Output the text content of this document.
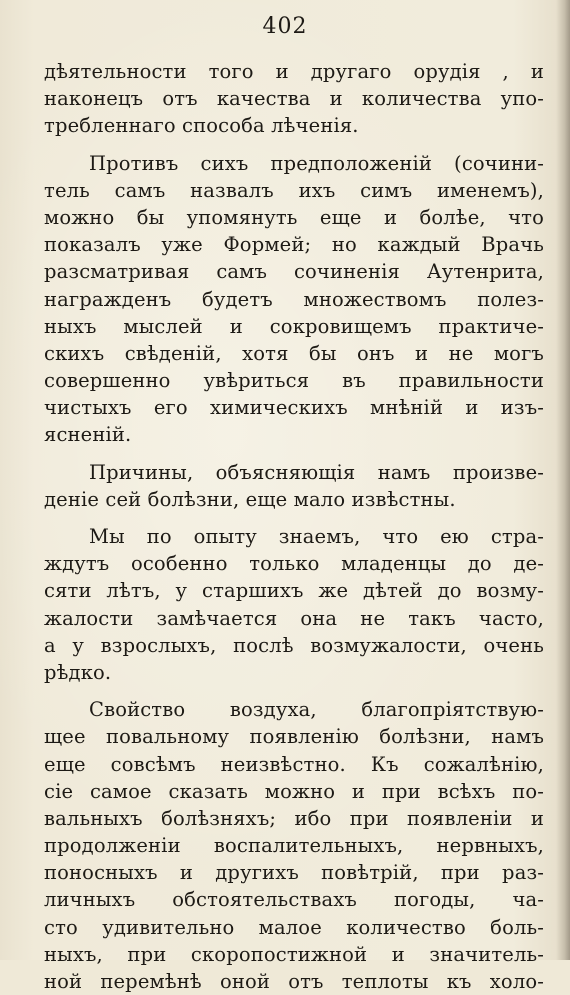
402
дѣятельности того и другаго орудія , и
наконецъ отъ качества и количества упо-
требленнаго способа лѣченія.
Противъ сихъ предположеній (сочини-
тель самъ назвалъ ихъ симъ именемъ),
можно бы упомянуть еще и болѣе, что
показалъ уже Формей; но каждый Врачь
разсматривая самъ сочиненія Аутенрита,
награжденъ будетъ множествомъ полез-
ныхъ мыслей и сокровищемъ практиче-
скихъ свѣденій, хотя бы онъ и не могъ
совершенно увѣриться въ правильности
чистыхъ его химическихъ мнѣній и изъ-
ясненій.
Причины, объясняющія намъ произве-
деніе сей болѣзни, еще мало извѣстны.
Мы по опыту знаемъ, что ею стра-
ждутъ особенно только младенцы до де-
сяти лѣтъ, у старшихъ же дѣтей до возму-
жалости замѣчается она не такъ часто,
а у взрослыхъ, послѣ возмужалости, очень
рѣдко.
Свойство воздуха, благопріятствую-
щее повальному появленію болѣзни, намъ
еще совсѣмъ неизвѣстно. Къ сожалѣнію,
сіе самое сказать можно и при всѣхъ по-
вальныхъ болѣзняхъ; ибо при появленіи и
продолженіи воспалительныхъ, нервныхъ,
поносныхъ и другихъ повѣтрій, при раз-
личныхъ обстоятельствахъ погоды, ча-
сто удивительно малое количество боль-
ныхъ, при скоропостижной и значитель-
ной перемѣнѣ оной отъ теплоты къ холо-
